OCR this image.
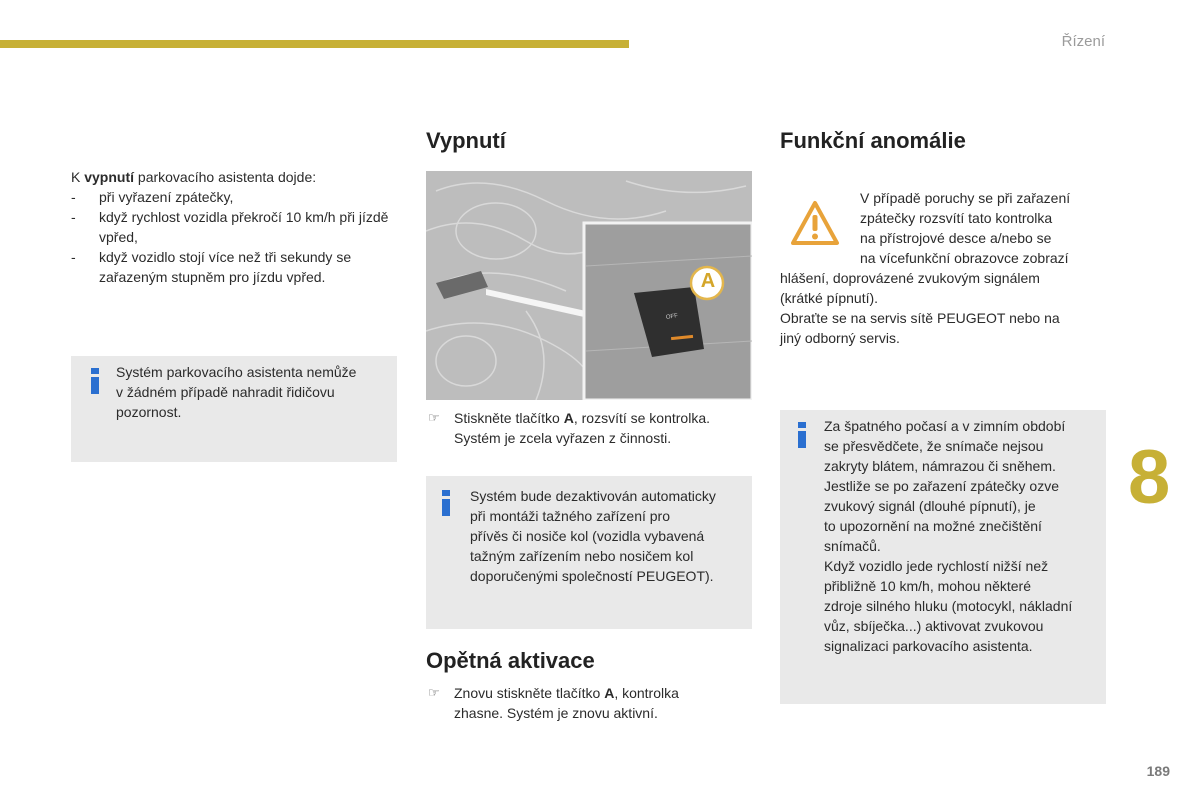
Řízení
8
189

K vypnutí parkovacího asistenta dojde:

- při vyřazení zpátečky,
- když rychlost vozidla překročí 10 km/h při jízdě vpřed,
- když vozidlo stojí více než tři sekundy se zařazeným stupněm pro jízdu vpřed.
Systém parkovacího asistenta nemůže
v žádném případě nahradit řidičovu
pozornost.
Vypnutí
A
OFF
☞ Stiskněte tlačítko A, rozsvítí se kontrolka.
Systém je zcela vyřazen z činnosti.
Systém bude dezaktivován automaticky
při montáži tažného zařízení pro
přívěs či nosiče kol (vozidla vybavená
tažným zařízením nebo nosičem kol
doporučenými společností PEUGEOT).
Opětná aktivace
☞ Znovu stiskněte tlačítko A, kontrolka
zhasne. Systém je znovu aktivní.
Funkční anomálie
V případě poruchy se při zařazení
zpátečky rozsvítí tato kontrolka
na přístrojové desce a/nebo se
na vícefunkční obrazovce zobrazí
hlášení, doprovázené zvukovým signálem
(krátké pípnutí).
Obraťte se na servis sítě PEUGEOT nebo na
jiný odborný servis.
Za špatného počasí a v zimním období
se přesvědčete, že snímače nejsou
zakryty blátem, námrazou či sněhem.
Jestliže se po zařazení zpátečky ozve
zvukový signál (dlouhé pípnutí), je
to upozornění na možné znečištění
snímačů.
Když vozidlo jede rychlostí nižší než
přibližně 10 km/h, mohou některé
zdroje silného hluku (motocykl, nákladní
vůz, sbíječka...) aktivovat zvukovou
signalizaci parkovacího asistenta.
